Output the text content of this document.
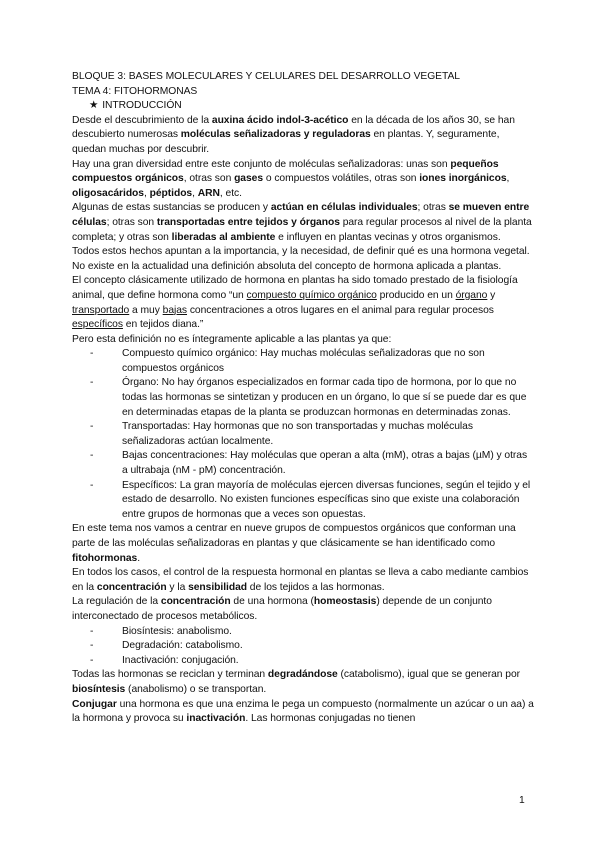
BLOQUE 3: BASES MOLECULARES Y CELULARES DEL DESARROLLO VEGETAL

TEMA 4: FITOHORMONAS

★ INTRODUCCIÓN

Desde el descubrimiento de la auxina ácido indol-3-acético en la década de los años 30, se han descubierto numerosas moléculas señalizadoras y reguladoras en plantas. Y, seguramente, quedan muchas por descubrir.

Hay una gran diversidad entre este conjunto de moléculas señalizadoras: unas son pequeños compuestos orgánicos, otras son gases o compuestos volátiles, otras son iones inorgánicos, oligosacáridos, péptidos, ARN, etc.

Algunas de estas sustancias se producen y actúan en células individuales; otras se mueven entre células; otras son transportadas entre tejidos y órganos para regular procesos al nivel de la planta completa; y otras son liberadas al ambiente e influyen en plantas vecinas y otros organismos.

Todos estos hechos apuntan a la importancia, y la necesidad, de definir qué es una hormona vegetal. No existe en la actualidad una definición absoluta del concepto de hormona aplicada a plantas.

El concepto clásicamente utilizado de hormona en plantas ha sido tomado prestado de la fisiología animal, que define hormona como “un compuesto químico orgánico producido en un órgano y transportado a muy bajas concentraciones a otros lugares en el animal para regular procesos específicos en tejidos diana.”

Pero esta definición no es íntegramente aplicable a las plantas ya que:

-	Compuesto químico orgánico: Hay muchas moléculas señalizadoras que no son compuestos orgánicos
-	Órgano: No hay órganos especializados en formar cada tipo de hormona, por lo que no todas las hormonas se sintetizan y producen en un órgano, lo que sí se puede dar es que en determinadas etapas de la planta se produzcan hormonas en determinadas zonas.
-	Transportadas: Hay hormonas que no son transportadas y muchas moléculas señalizadoras actúan localmente.
-	Bajas concentraciones: Hay moléculas que operan a alta (mM), otras a bajas (µM) y otras a ultrabaja (nM - pM) concentración.
-	Específicos: La gran mayoría de moléculas ejercen diversas funciones, según el tejido y el estado de desarrollo. No existen funciones específicas sino que existe una colaboración entre grupos de hormonas que a veces son opuestas.

En este tema nos vamos a centrar en nueve grupos de compuestos orgánicos que conforman una parte de las moléculas señalizadoras en plantas y que clásicamente se han identificado como fitohormonas.

En todos los casos, el control de la respuesta hormonal en plantas se lleva a cabo mediante cambios en la concentración y la sensibilidad de los tejidos a las hormonas.

La regulación de la concentración de una hormona (homeostasis) depende de un conjunto interconectado de procesos metabólicos.

-	Biosíntesis: anabolismo.
-	Degradación: catabolismo.
-	Inactivación: conjugación.

Todas las hormonas se reciclan y terminan degradándose (catabolismo), igual que se generan por biosíntesis (anabolismo) o se transportan.

Conjugar una hormona es que una enzima le pega un compuesto (normalmente un azúcar o un aa) a la hormona y provoca su inactivación. Las hormonas conjugadas no tienen

1
